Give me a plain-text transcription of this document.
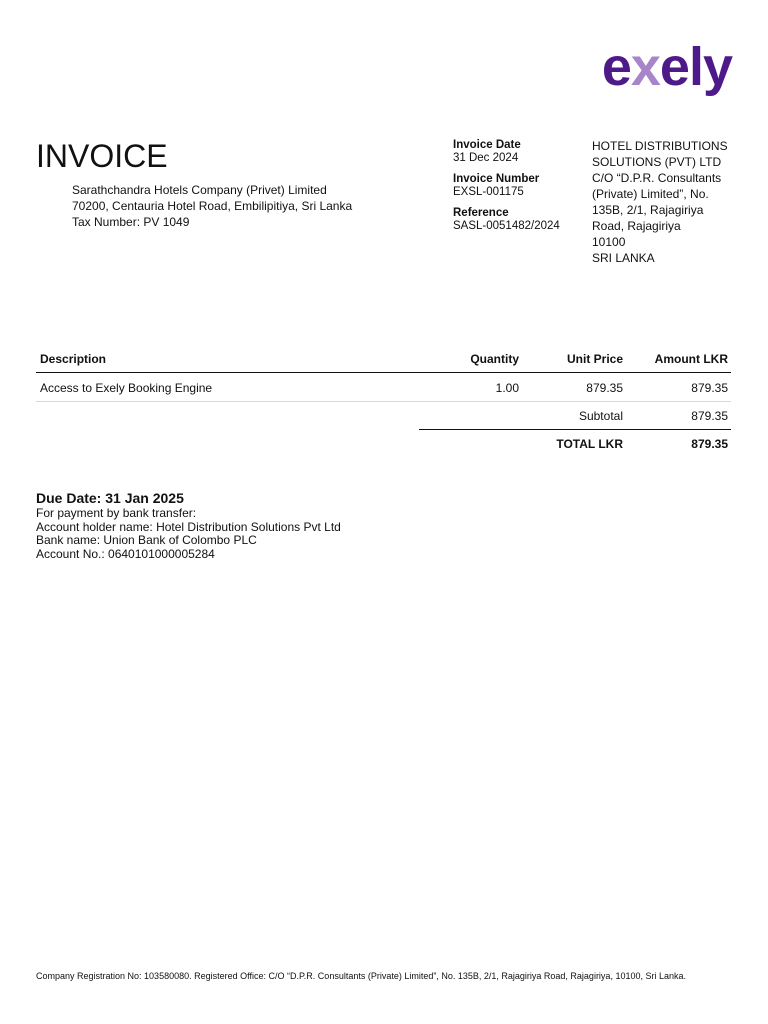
exely
INVOICE
Sarathchandra Hotels Company (Privet) Limited
70200, Centauria Hotel Road, Embilipitiya, Sri Lanka
Tax Number: PV 1049
Invoice Date
31 Dec 2024
Invoice Number
EXSL-001175
Reference
SASL-0051482/2024
HOTEL DISTRIBUTIONS
SOLUTIONS (PVT) LTD
C/O “D.P.R. Consultants
(Private) Limited”, No.
135B, 2/1, Rajagiriya
Road, Rajagiriya
10100
SRI LANKA
Description	Quantity	Unit Price	Amount LKR
Access to Exely Booking Engine	1.00	879.35	879.35
Subtotal	879.35
TOTAL LKR	879.35
Due Date: 31 Jan 2025
For payment by bank transfer:
Account holder name: Hotel Distribution Solutions Pvt Ltd
Bank name: Union Bank of Colombo PLC
Account No.: 0640101000005284
Company Registration No: 103580080. Registered Office: C/O “D.P.R. Consultants (Private) Limited”, No. 135B, 2/1, Rajagiriya Road, Rajagiriya, 10100, Sri Lanka.
